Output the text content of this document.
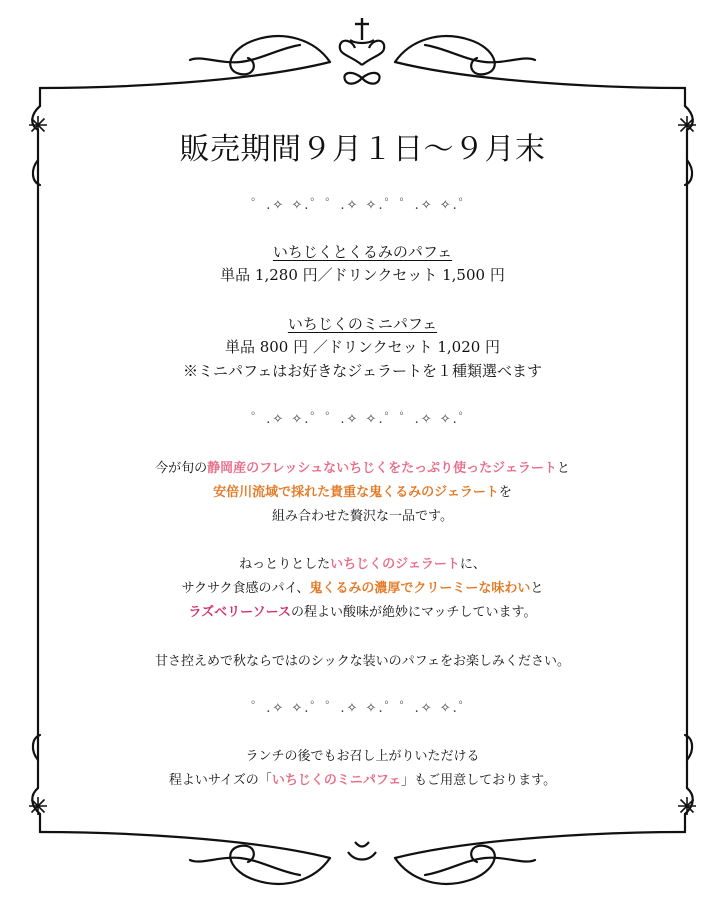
販売期間９月１日～９月末
゜.✧ ✧.゜゜.✧ ✧.゜゜.✧ ✧.゜
いちじくとくるみのパフェ
単品 1,280 円／ドリンクセット 1,500 円
いちじくのミニパフェ
単品 800 円 ／ドリンクセット 1,020 円
※ミニパフェはお好きなジェラートを１種類選べます
゜.✧ ✧.゜゜.✧ ✧.゜゜.✧ ✧.゜
今が旬の静岡産のフレッシュないちじくをたっぷり使ったジェラートと
安倍川流域で採れた貴重な鬼くるみのジェラートを
組み合わせた贅沢な一品です。
ねっとりとしたいちじくのジェラートに、
サクサク食感のパイ、鬼くるみの濃厚でクリーミーな味わいと
ラズベリーソースの程よい酸味が絶妙にマッチしています。
甘さ控えめで秋ならではのシックな装いのパフェをお楽しみください。
゜.✧ ✧.゜゜.✧ ✧.゜゜.✧ ✧.゜
ランチの後でもお召し上がりいただける
程よいサイズの「いちじくのミニパフェ」もご用意しております。
